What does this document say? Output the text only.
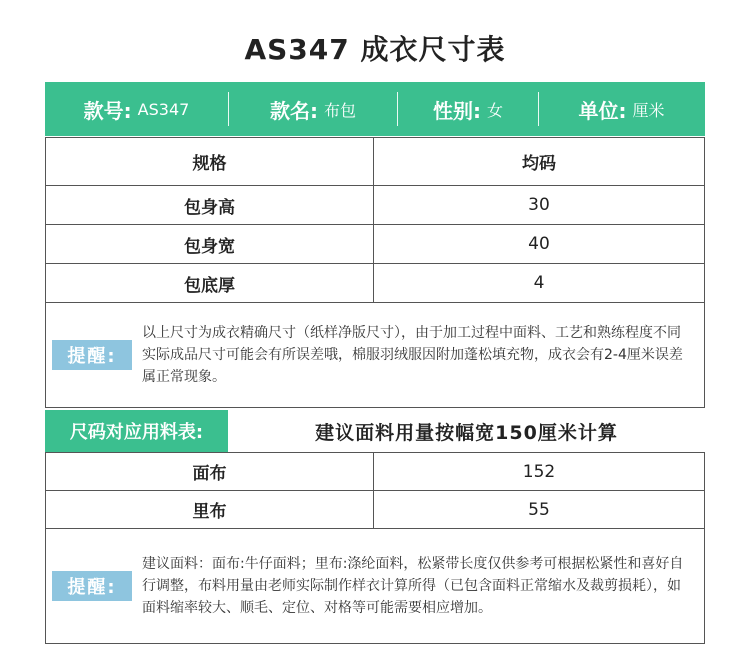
AS347 成衣尺寸表
款号: AS347	款名: 布包	性别: 女	单位: 厘米
规格	均码
包身高	30
包身宽	40
包底厚	4
提醒:
以上尺寸为成衣精确尺寸（纸样净版尺寸），由于加工过程中面料、工艺和熟练程度不同实际成品尺寸可能会有所误差哦，棉服羽绒服因附加蓬松填充物，成衣会有2-4厘米误差属正常现象。
尺码对应用料表:	建议面料用量按幅宽150厘米计算
面布	152
里布	55
提醒:
建议面料：面布:牛仔面料；里布:涤纶面料，松紧带长度仅供参考可根据松紧性和喜好自行调整，布料用量由老师实际制作样衣计算所得（已包含面料正常缩水及裁剪损耗），如面料缩率较大、顺毛、定位、对格等可能需要相应增加。
